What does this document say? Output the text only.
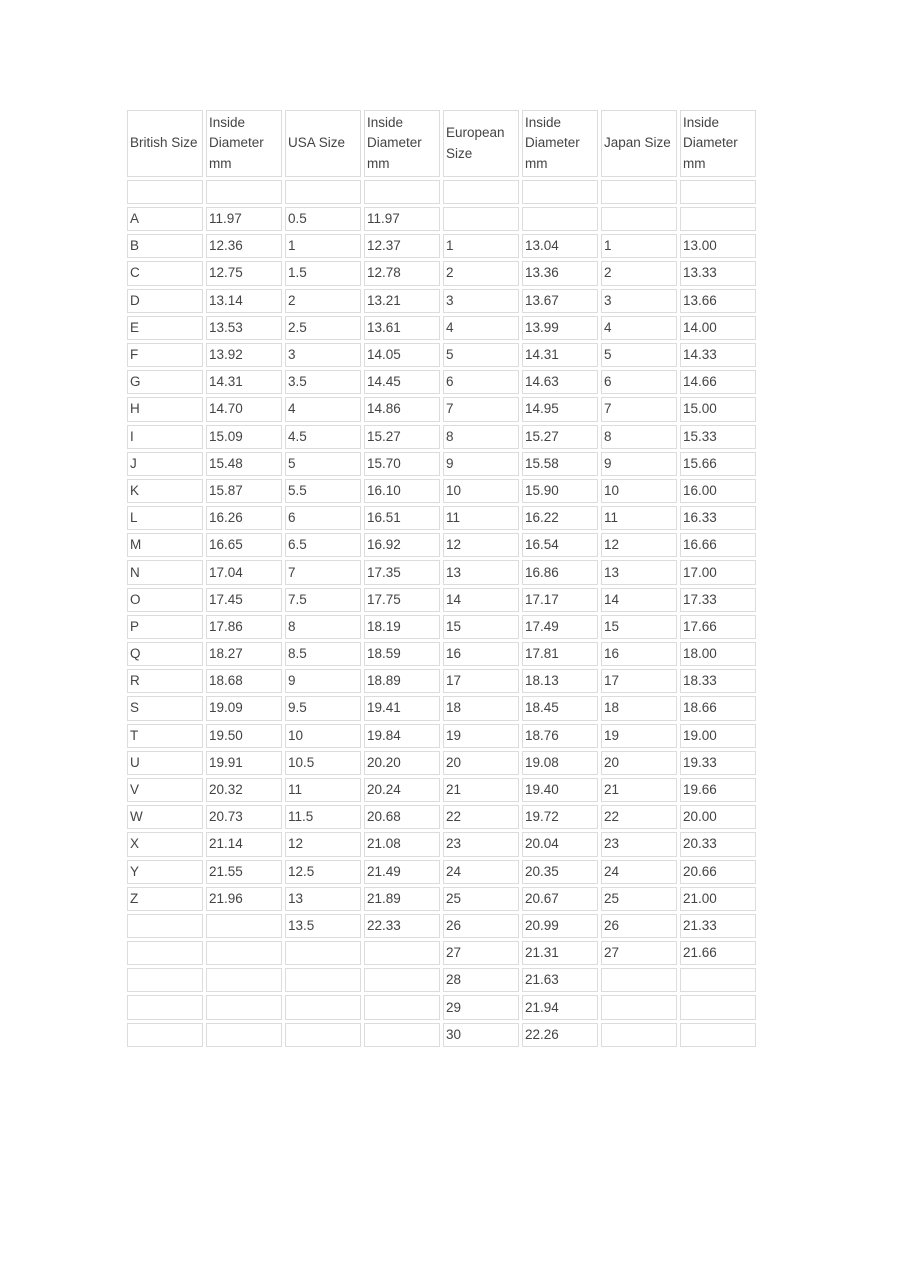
British Size	Inside Diameter mm	USA Size	Inside Diameter mm	European Size	Inside Diameter mm	Japan Size	Inside Diameter mm

A	11.97	0.5	11.97				
B	12.36	1	12.37	1	13.04	1	13.00
C	12.75	1.5	12.78	2	13.36	2	13.33
D	13.14	2	13.21	3	13.67	3	13.66
E	13.53	2.5	13.61	4	13.99	4	14.00
F	13.92	3	14.05	5	14.31	5	14.33
G	14.31	3.5	14.45	6	14.63	6	14.66
H	14.70	4	14.86	7	14.95	7	15.00
I	15.09	4.5	15.27	8	15.27	8	15.33
J	15.48	5	15.70	9	15.58	9	15.66
K	15.87	5.5	16.10	10	15.90	10	16.00
L	16.26	6	16.51	11	16.22	11	16.33
M	16.65	6.5	16.92	12	16.54	12	16.66
N	17.04	7	17.35	13	16.86	13	17.00
O	17.45	7.5	17.75	14	17.17	14	17.33
P	17.86	8	18.19	15	17.49	15	17.66
Q	18.27	8.5	18.59	16	17.81	16	18.00
R	18.68	9	18.89	17	18.13	17	18.33
S	19.09	9.5	19.41	18	18.45	18	18.66
T	19.50	10	19.84	19	18.76	19	19.00
U	19.91	10.5	20.20	20	19.08	20	19.33
V	20.32	11	20.24	21	19.40	21	19.66
W	20.73	11.5	20.68	22	19.72	22	20.00
X	21.14	12	21.08	23	20.04	23	20.33
Y	21.55	12.5	21.49	24	20.35	24	20.66
Z	21.96	13	21.89	25	20.67	25	21.00
		13.5	22.33	26	20.99	26	21.33
				27	21.31	27	21.66
				28	21.63		
				29	21.94		
				30	22.26		
